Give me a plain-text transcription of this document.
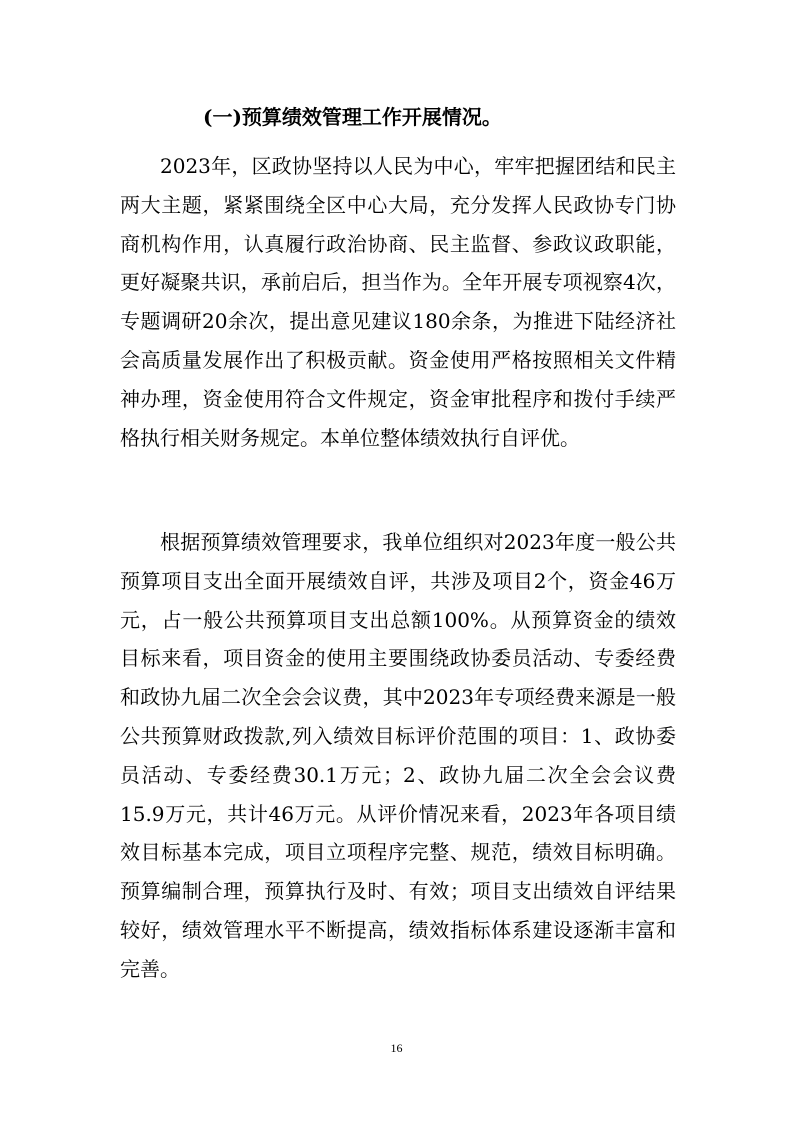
(一)预算绩效管理工作开展情况。

2023年，区政协坚持以人民为中心，牢牢把握团结和民主两大主题，紧紧围绕全区中心大局，充分发挥人民政协专门协商机构作用，认真履行政治协商、民主监督、参政议政职能，更好凝聚共识，承前启后，担当作为。全年开展专项视察4次，专题调研20余次，提出意见建议180余条，为推进下陆经济社会高质量发展作出了积极贡献。资金使用严格按照相关文件精神办理，资金使用符合文件规定，资金审批程序和拨付手续严格执行相关财务规定。本单位整体绩效执行自评优。

根据预算绩效管理要求，我单位组织对2023年度一般公共预算项目支出全面开展绩效自评，共涉及项目2个，资金46万元，占一般公共预算项目支出总额100%。从预算资金的绩效目标来看，项目资金的使用主要围绕政协委员活动、专委经费和政协九届二次全会会议费，其中2023年专项经费来源是一般公共预算财政拨款,列入绩效目标评价范围的项目：1、政协委员活动、专委经费30.1万元；2、政协九届二次全会会议费15.9万元，共计46万元。从评价情况来看，2023年各项目绩效目标基本完成，项目立项程序完整、规范，绩效目标明确。预算编制合理，预算执行及时、有效；项目支出绩效自评结果较好，绩效管理水平不断提高，绩效指标体系建设逐渐丰富和完善。

16
